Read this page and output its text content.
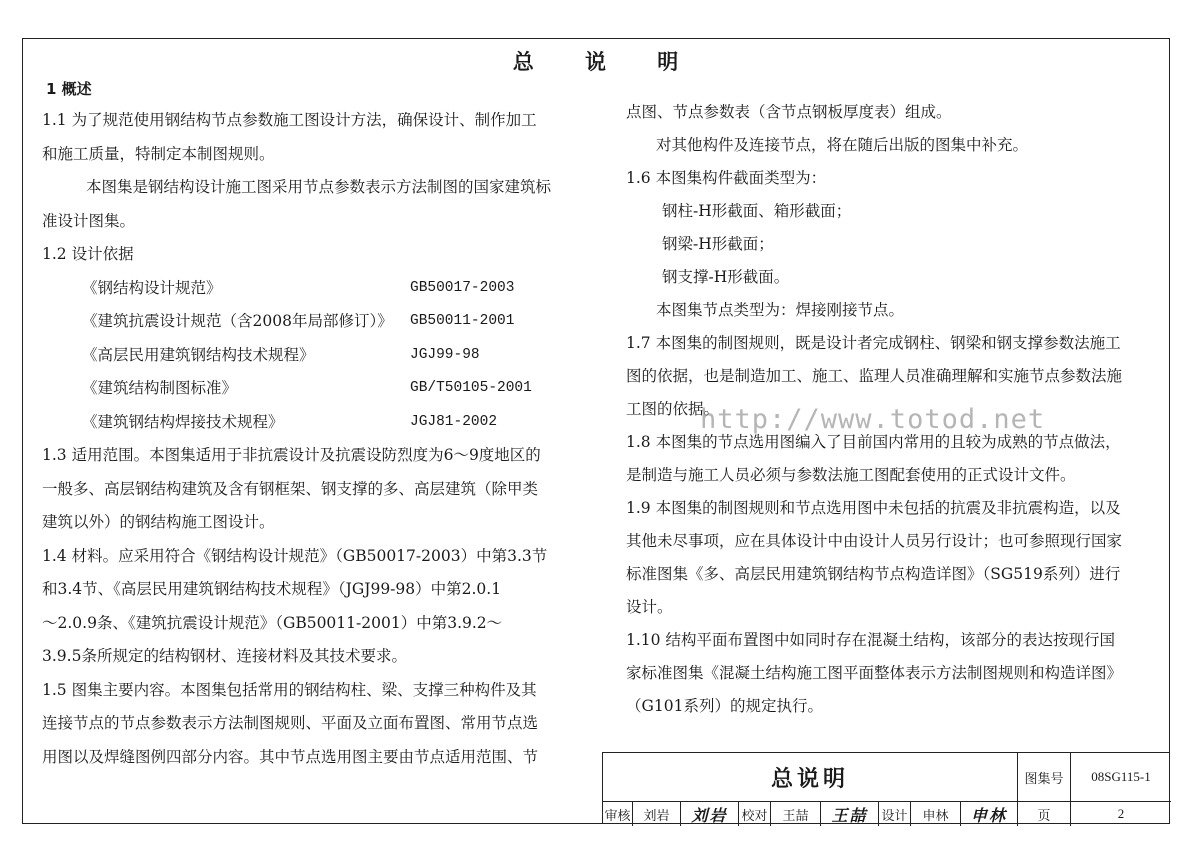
总 说 明
1 概述

1.1 为了规范使用钢结构节点参数施工图设计方法，确保设计、制作加工

和施工质量，特制定本制图规则。

本图集是钢结构设计施工图采用节点参数表示方法制图的国家建筑标

准设计图集。

1.2 设计依据

《钢结构设计规范》	GB50017-2003
《建筑抗震设计规范（含2008年局部修订）》	GB50011-2001
《高层民用建筑钢结构技术规程》	JGJ99-98
《建筑结构制图标准》	GB/T50105-2001
《建筑钢结构焊接技术规程》	JGJ81-2002

1.3 适用范围。本图集适用于非抗震设计及抗震设防烈度为6～9度地区的

一般多、高层钢结构建筑及含有钢框架、钢支撑的多、高层建筑（除甲类

建筑以外）的钢结构施工图设计。

1.4 材料。应采用符合《钢结构设计规范》（GB50017-2003）中第3.3节

和3.4节、《高层民用建筑钢结构技术规程》（JGJ99-98）中第2.0.1

～2.0.9条、《建筑抗震设计规范》（GB50011-2001）中第3.9.2～

3.9.5条所规定的结构钢材、连接材料及其技术要求。

1.5 图集主要内容。本图集包括常用的钢结构柱、梁、支撑三种构件及其

连接节点的节点参数表示方法制图规则、平面及立面布置图、常用节点选

用图以及焊缝图例四部分内容。其中节点选用图主要由节点适用范围、节

点图、节点参数表（含节点钢板厚度表）组成。

对其他构件及连接节点，将在随后出版的图集中补充。

1.6 本图集构件截面类型为：

钢柱-H形截面、箱形截面；

钢梁-H形截面；

钢支撑-H形截面。

本图集节点类型为：焊接刚接节点。

1.7 本图集的制图规则，既是设计者完成钢柱、钢梁和钢支撑参数法施工

图的依据，也是制造加工、施工、监理人员准确理解和实施节点参数法施

工图的依据。

1.8 本图集的节点选用图编入了目前国内常用的且较为成熟的节点做法，

是制造与施工人员必须与参数法施工图配套使用的正式设计文件。

1.9 本图集的制图规则和节点选用图中未包括的抗震及非抗震构造，以及

其他未尽事项，应在具体设计中由设计人员另行设计；也可参照现行国家

标准图集《多、高层民用建筑钢结构节点构造详图》（SG519系列）进行

设计。

1.10 结构平面布置图中如同时存在混凝土结构，该部分的表达按现行国

家标准图集《混凝土结构施工图平面整体表示方法制图规则和构造详图》

（G101系列）的规定执行。

http://www.totod.net
总说明	图集号	08SG115-1
审核 刘岩	刘岩	校对	王喆	王喆	设计	申林	申林	页	2
